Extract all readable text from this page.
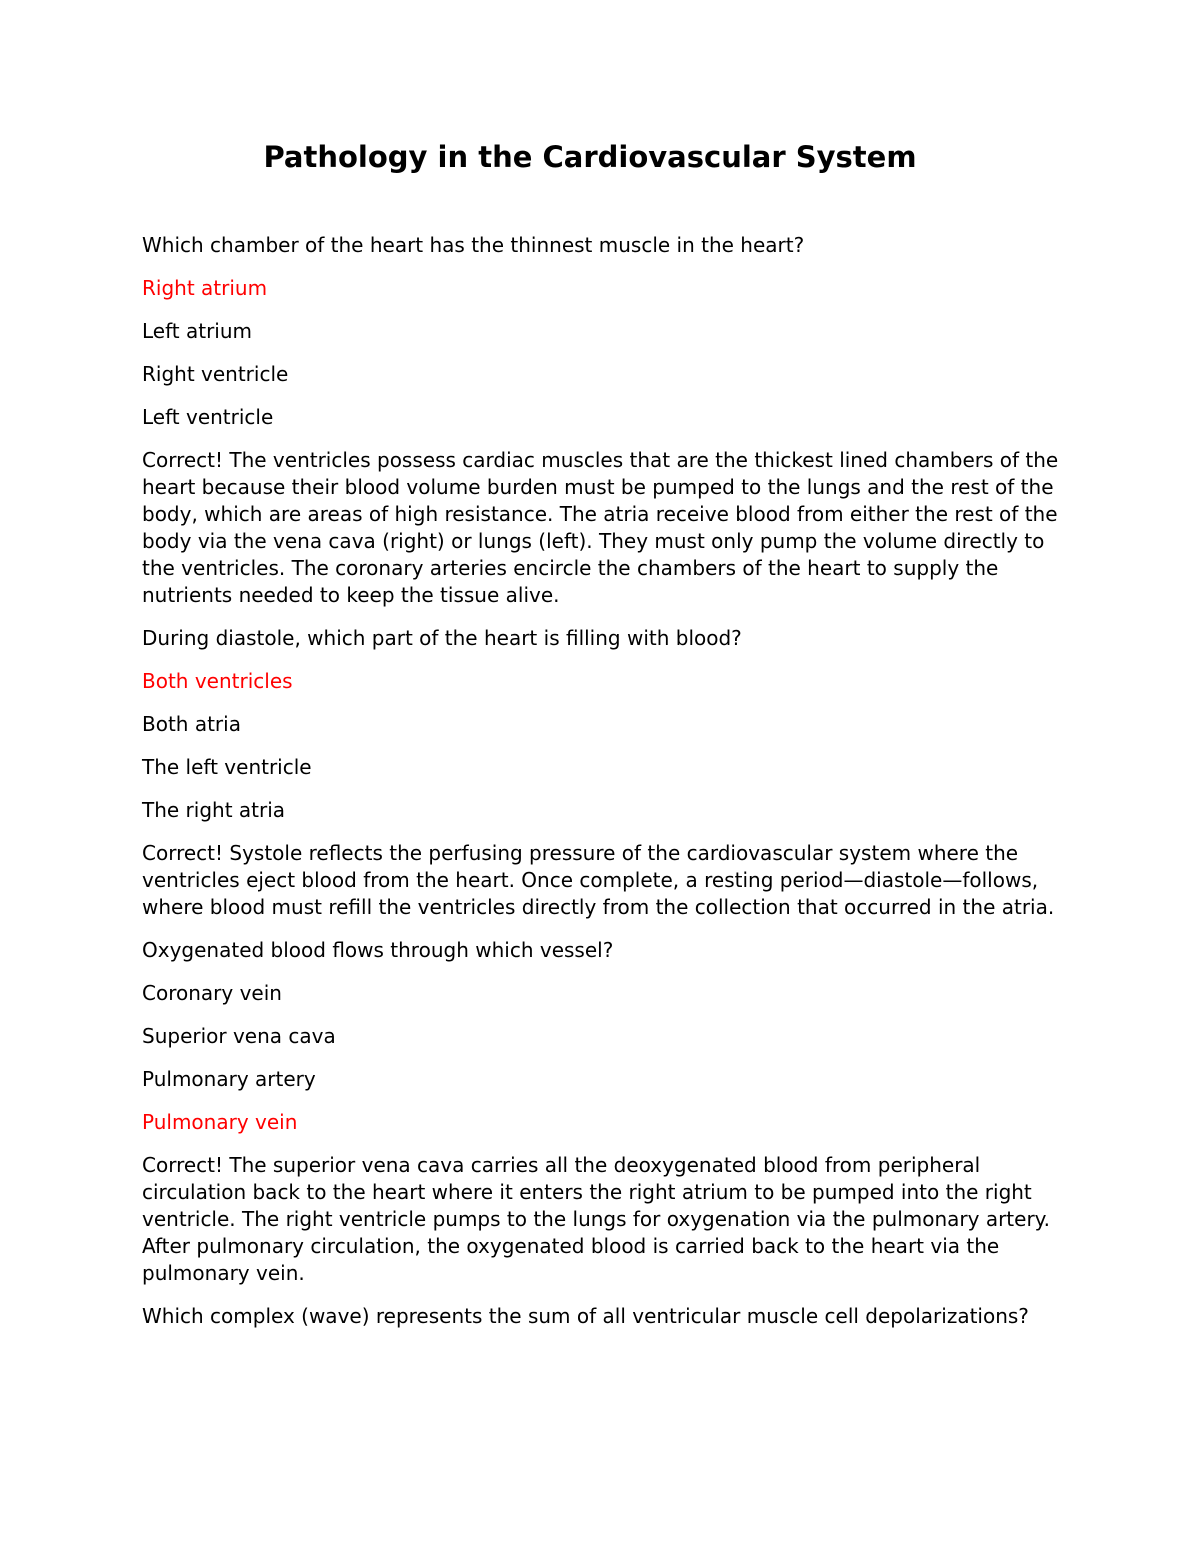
Pathology in the Cardiovascular System

Which chamber of the heart has the thinnest muscle in the heart?

Right atrium

Left atrium

Right ventricle

Left ventricle

Correct! The ventricles possess cardiac muscles that are the thickest lined chambers of the heart because their blood volume burden must be pumped to the lungs and the rest of the body, which are areas of high resistance. The atria receive blood from either the rest of the body via the vena cava (right) or lungs (left). They must only pump the volume directly to the ventricles. The coronary arteries encircle the chambers of the heart to supply the nutrients needed to keep the tissue alive.

During diastole, which part of the heart is filling with blood?

Both ventricles

Both atria

The left ventricle

The right atria

Correct! Systole reflects the perfusing pressure of the cardiovascular system where the ventricles eject blood from the heart. Once complete, a resting period—diastole—follows, where blood must refill the ventricles directly from the collection that occurred in the atria.

Oxygenated blood flows through which vessel?

Coronary vein

Superior vena cava

Pulmonary artery

Pulmonary vein

Correct! The superior vena cava carries all the deoxygenated blood from peripheral circulation back to the heart where it enters the right atrium to be pumped into the right ventricle. The right ventricle pumps to the lungs for oxygenation via the pulmonary artery. After pulmonary circulation, the oxygenated blood is carried back to the heart via the pulmonary vein.

Which complex (wave) represents the sum of all ventricular muscle cell depolarizations?
